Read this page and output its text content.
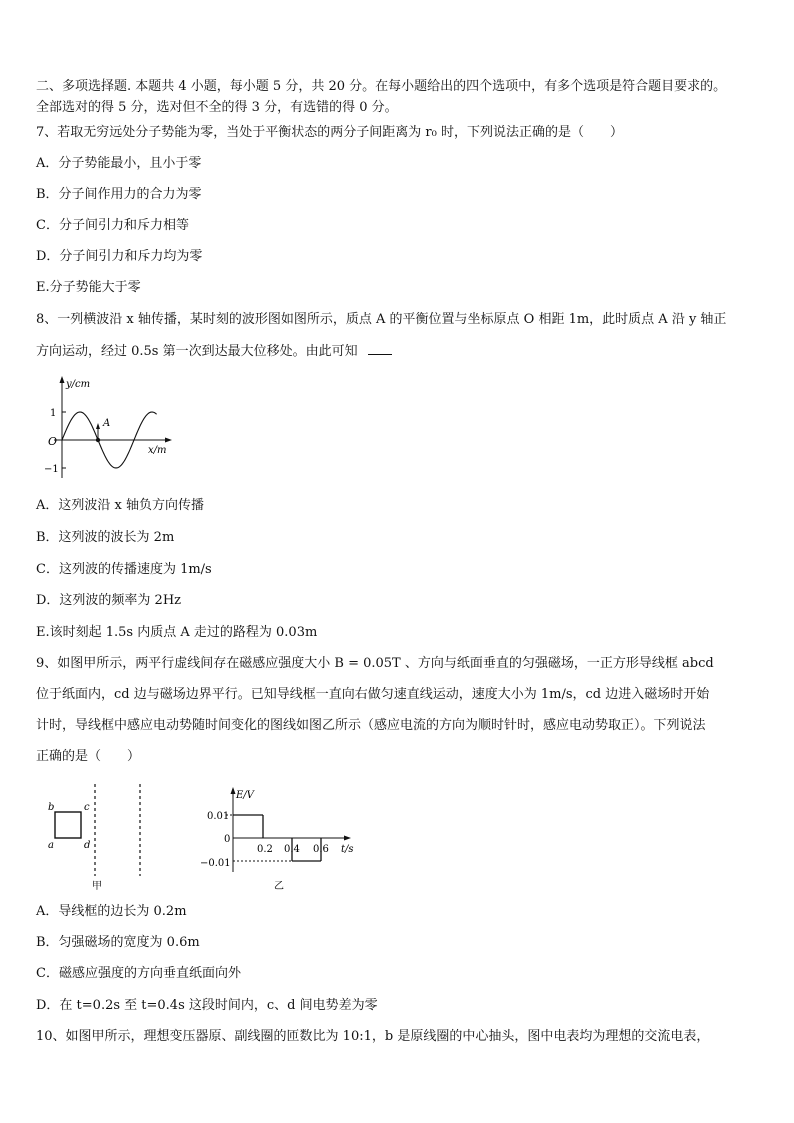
二、多项选择题. 本题共 4 小题，每小题 5 分，共 20 分。在每小题给出的四个选项中，有多个选项是符合题目要求的。
全部选对的得 5 分，选对但不全的得 3 分，有选错的得 0 分。
7、若取无穷远处分子势能为零，当处于平衡状态的两分子间距离为 r₀ 时，下列说法正确的是（　　）
A．分子势能最小，且小于零
B．分子间作用力的合力为零
C．分子间引力和斥力相等
D．分子间引力和斥力均为零
E.分子势能大于零
8、一列横波沿 x 轴传播，某时刻的波形图如图所示，质点 A 的平衡位置与坐标原点 O 相距 1m，此时质点 A 沿 y 轴正
方向运动，经过 0.5s 第一次到达最大位移处。由此可知
y/cm
x/m
O
1
−1
A
A．这列波沿 x 轴负方向传播
B．这列波的波长为 2m
C．这列波的传播速度为 1m/s
D．这列波的频率为 2Hz
E.该时刻起 1.5s 内质点 A 走过的路程为 0.03m
9、如图甲所示，两平行虚线间存在磁感应强度大小 B = 0.05T 、方向与纸面垂直的匀强磁场，一正方形导线框 abcd
位于纸面内，cd 边与磁场边界平行。已知导线框一直向右做匀速直线运动，速度大小为 1m/s，cd 边进入磁场时开始
计时，导线框中感应电动势随时间变化的图线如图乙所示（感应电流的方向为顺时针时，感应电动势取正）。下列说法
正确的是（　　）
b	c
a	d
甲
E/V
t/s
0.01
0
−0.01
0.2 0.4 0.6
乙
A．导线框的边长为 0.2m
B．匀强磁场的宽度为 0.6m
C．磁感应强度的方向垂直纸面向外
D．在 t=0.2s 至 t=0.4s 这段时间内，c、d 间电势差为零
10、如图甲所示，理想变压器原、副线圈的匝数比为 10:1，b 是原线圈的中心抽头，图中电表均为理想的交流电表，
